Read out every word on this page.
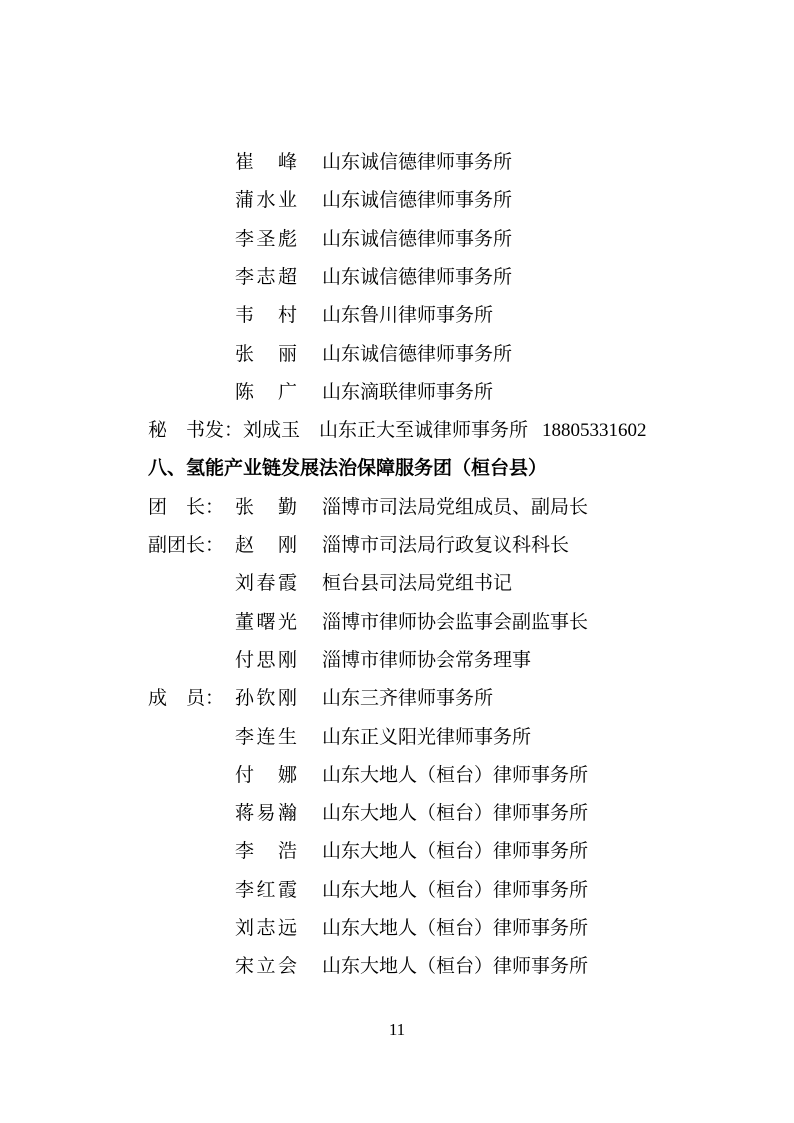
崔 峰 山东诚信德律师事务所
蒲 水 业 山东诚信德律师事务所
李 圣 彪 山东诚信德律师事务所
李 志 超 山东诚信德律师事务所
韦 村 山东鲁川律师事务所
张 丽 山东诚信德律师事务所
陈 广 山东滴联律师事务所
秘　书发：刘成玉　山东正大至诚律师事务所 18805331602
八、氢能产业链发展法治保障服务团（桓台县）
团　长： 张 勤 淄博市司法局党组成员、副局长
副团长： 赵 刚 淄博市司法局行政复议科科长
刘 春 霞 桓台县司法局党组书记
董 曙 光 淄博市律师协会监事会副监事长
付 思 刚 淄博市律师协会常务理事
成　员： 孙 钦 刚 山东三齐律师事务所
李 连 生 山东正义阳光律师事务所
付 娜 山东大地人（桓台）律师事务所
蒋 易 瀚 山东大地人（桓台）律师事务所
李 浩 山东大地人（桓台）律师事务所
李 红 霞 山东大地人（桓台）律师事务所
刘 志 远 山东大地人（桓台）律师事务所
宋 立 会 山东大地人（桓台）律师事务所
11
